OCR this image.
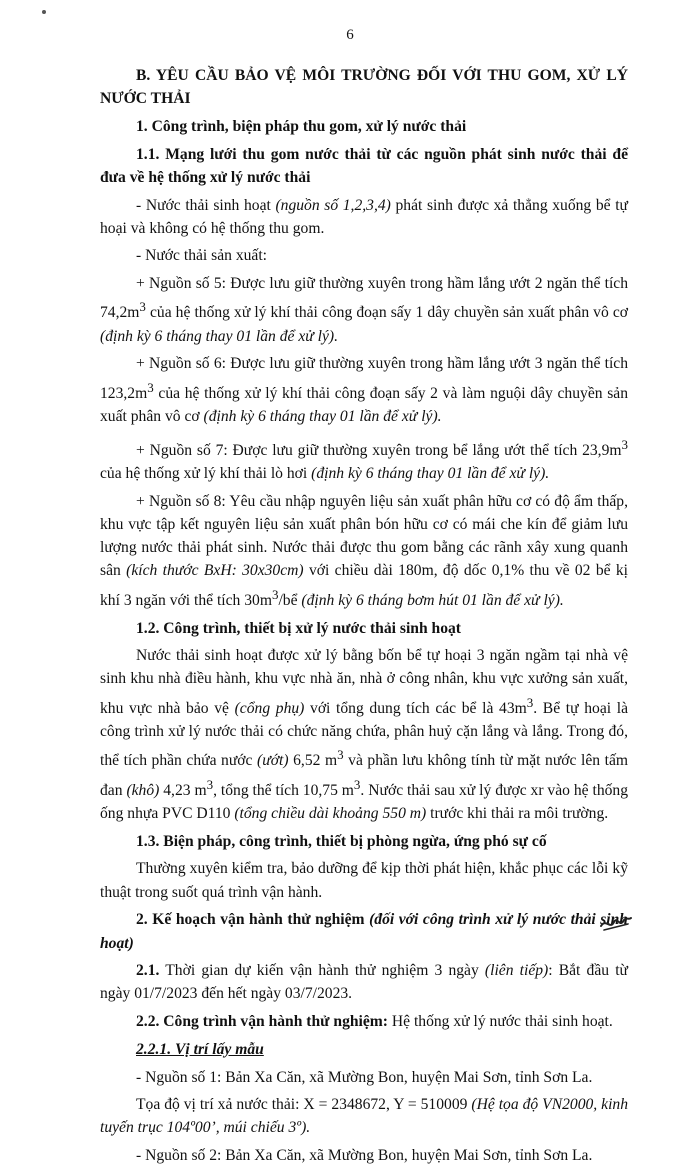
6

B. YÊU CẦU BẢO VỆ MÔI TRƯỜNG ĐỐI VỚI THU GOM, XỬ LÝ NƯỚC THẢI

1. Công trình, biện pháp thu gom, xử lý nước thải

1.1. Mạng lưới thu gom nước thải từ các nguồn phát sinh nước thải để đưa về hệ thống xử lý nước thải

- Nước thải sinh hoạt (nguồn số 1,2,3,4) phát sinh được xả thẳng xuống bể tự hoại và không có hệ thống thu gom.

- Nước thải sản xuất:

+ Nguồn số 5: Được lưu giữ thường xuyên trong hầm lắng ướt 2 ngăn thể tích $74,2m^3$ của hệ thống xử lý khí thải công đoạn sấy 1 dây chuyền sản xuất phân vô cơ (định kỳ 6 tháng thay 01 lần để xử lý).

+ Nguồn số 6: Được lưu giữ thường xuyên trong hầm lắng ướt 3 ngăn thể tích $123,2m^3$ của hệ thống xử lý khí thải công đoạn sấy 2 và làm nguội dây chuyền sản xuất phân vô cơ (định kỳ 6 tháng thay 01 lần để xử lý).

+ Nguồn số 7: Được lưu giữ thường xuyên trong bể lắng ướt thể tích $23,9m^3$ của hệ thống xử lý khí thải lò hơi (định kỳ 6 tháng thay 01 lần để xử lý).

+ Nguồn số 8: Yêu cầu nhập nguyên liệu sản xuất phân hữu cơ có độ ẩm thấp, khu vực tập kết nguyên liệu sản xuất phân bón hữu cơ có mái che kín để giảm lưu lượng nước thải phát sinh. Nước thải được thu gom bằng các rãnh xây xung quanh sân (kích thước BxH: 30x30cm) với chiều dài 180m, độ dốc 0,1% thu về 02 bể kị khí 3 ngăn với thể tích $30m^3/bể$ (định kỳ 6 tháng bơm hút 01 lần để xử lý).

1.2. Công trình, thiết bị xử lý nước thải sinh hoạt

Nước thải sinh hoạt được xử lý bằng bốn bể tự hoại 3 ngăn ngầm tại nhà vệ sinh khu nhà điều hành, khu vực nhà ăn, nhà ở công nhân, khu vực xưởng sản xuất, khu vực nhà bảo vệ (cổng phụ) với tổng dung tích các bể là $43m^3$. Bể tự hoại là công trình xử lý nước thải có chức năng chứa, phân huỷ cặn lắng và lắng. Trong đó, thể tích phần chứa nước (ướt) 6,52 $m^3$ và phần lưu không tính từ mặt nước lên tấm đan (khô) 4,23 $m^3$, tổng thể tích 10,75 $m^3$. Nước thải sau xử lý được xr vào hệ thống ống nhựa PVC D110 (tổng chiều dài khoảng 550 m) trước khi thải ra môi trường.

1.3. Biện pháp, công trình, thiết bị phòng ngừa, ứng phó sự cố

Thường xuyên kiểm tra, bảo dưỡng để kịp thời phát hiện, khắc phục các lỗi kỹ thuật trong suốt quá trình vận hành.

2. Kế hoạch vận hành thử nghiệm (đối với công trình xử lý nước thải sinh hoạt)

2.1. Thời gian dự kiến vận hành thử nghiệm 3 ngày (liên tiếp): Bắt đầu từ ngày 01/7/2023 đến hết ngày 03/7/2023.

2.2. Công trình vận hành thử nghiệm: Hệ thống xử lý nước thải sinh hoạt.

2.2.1. Vị trí lấy mẫu

- Nguồn số 1: Bản Xa Căn, xã Mường Bon, huyện Mai Sơn, tỉnh Sơn La.

Tọa độ vị trí xả nước thải: X = 2348672, Y = 510009 (Hệ tọa độ VN2000, kinh tuyến trục 104º00’, múi chiếu 3º).

- Nguồn số 2: Bản Xa Căn, xã Mường Bon, huyện Mai Sơn, tỉnh Sơn La.
